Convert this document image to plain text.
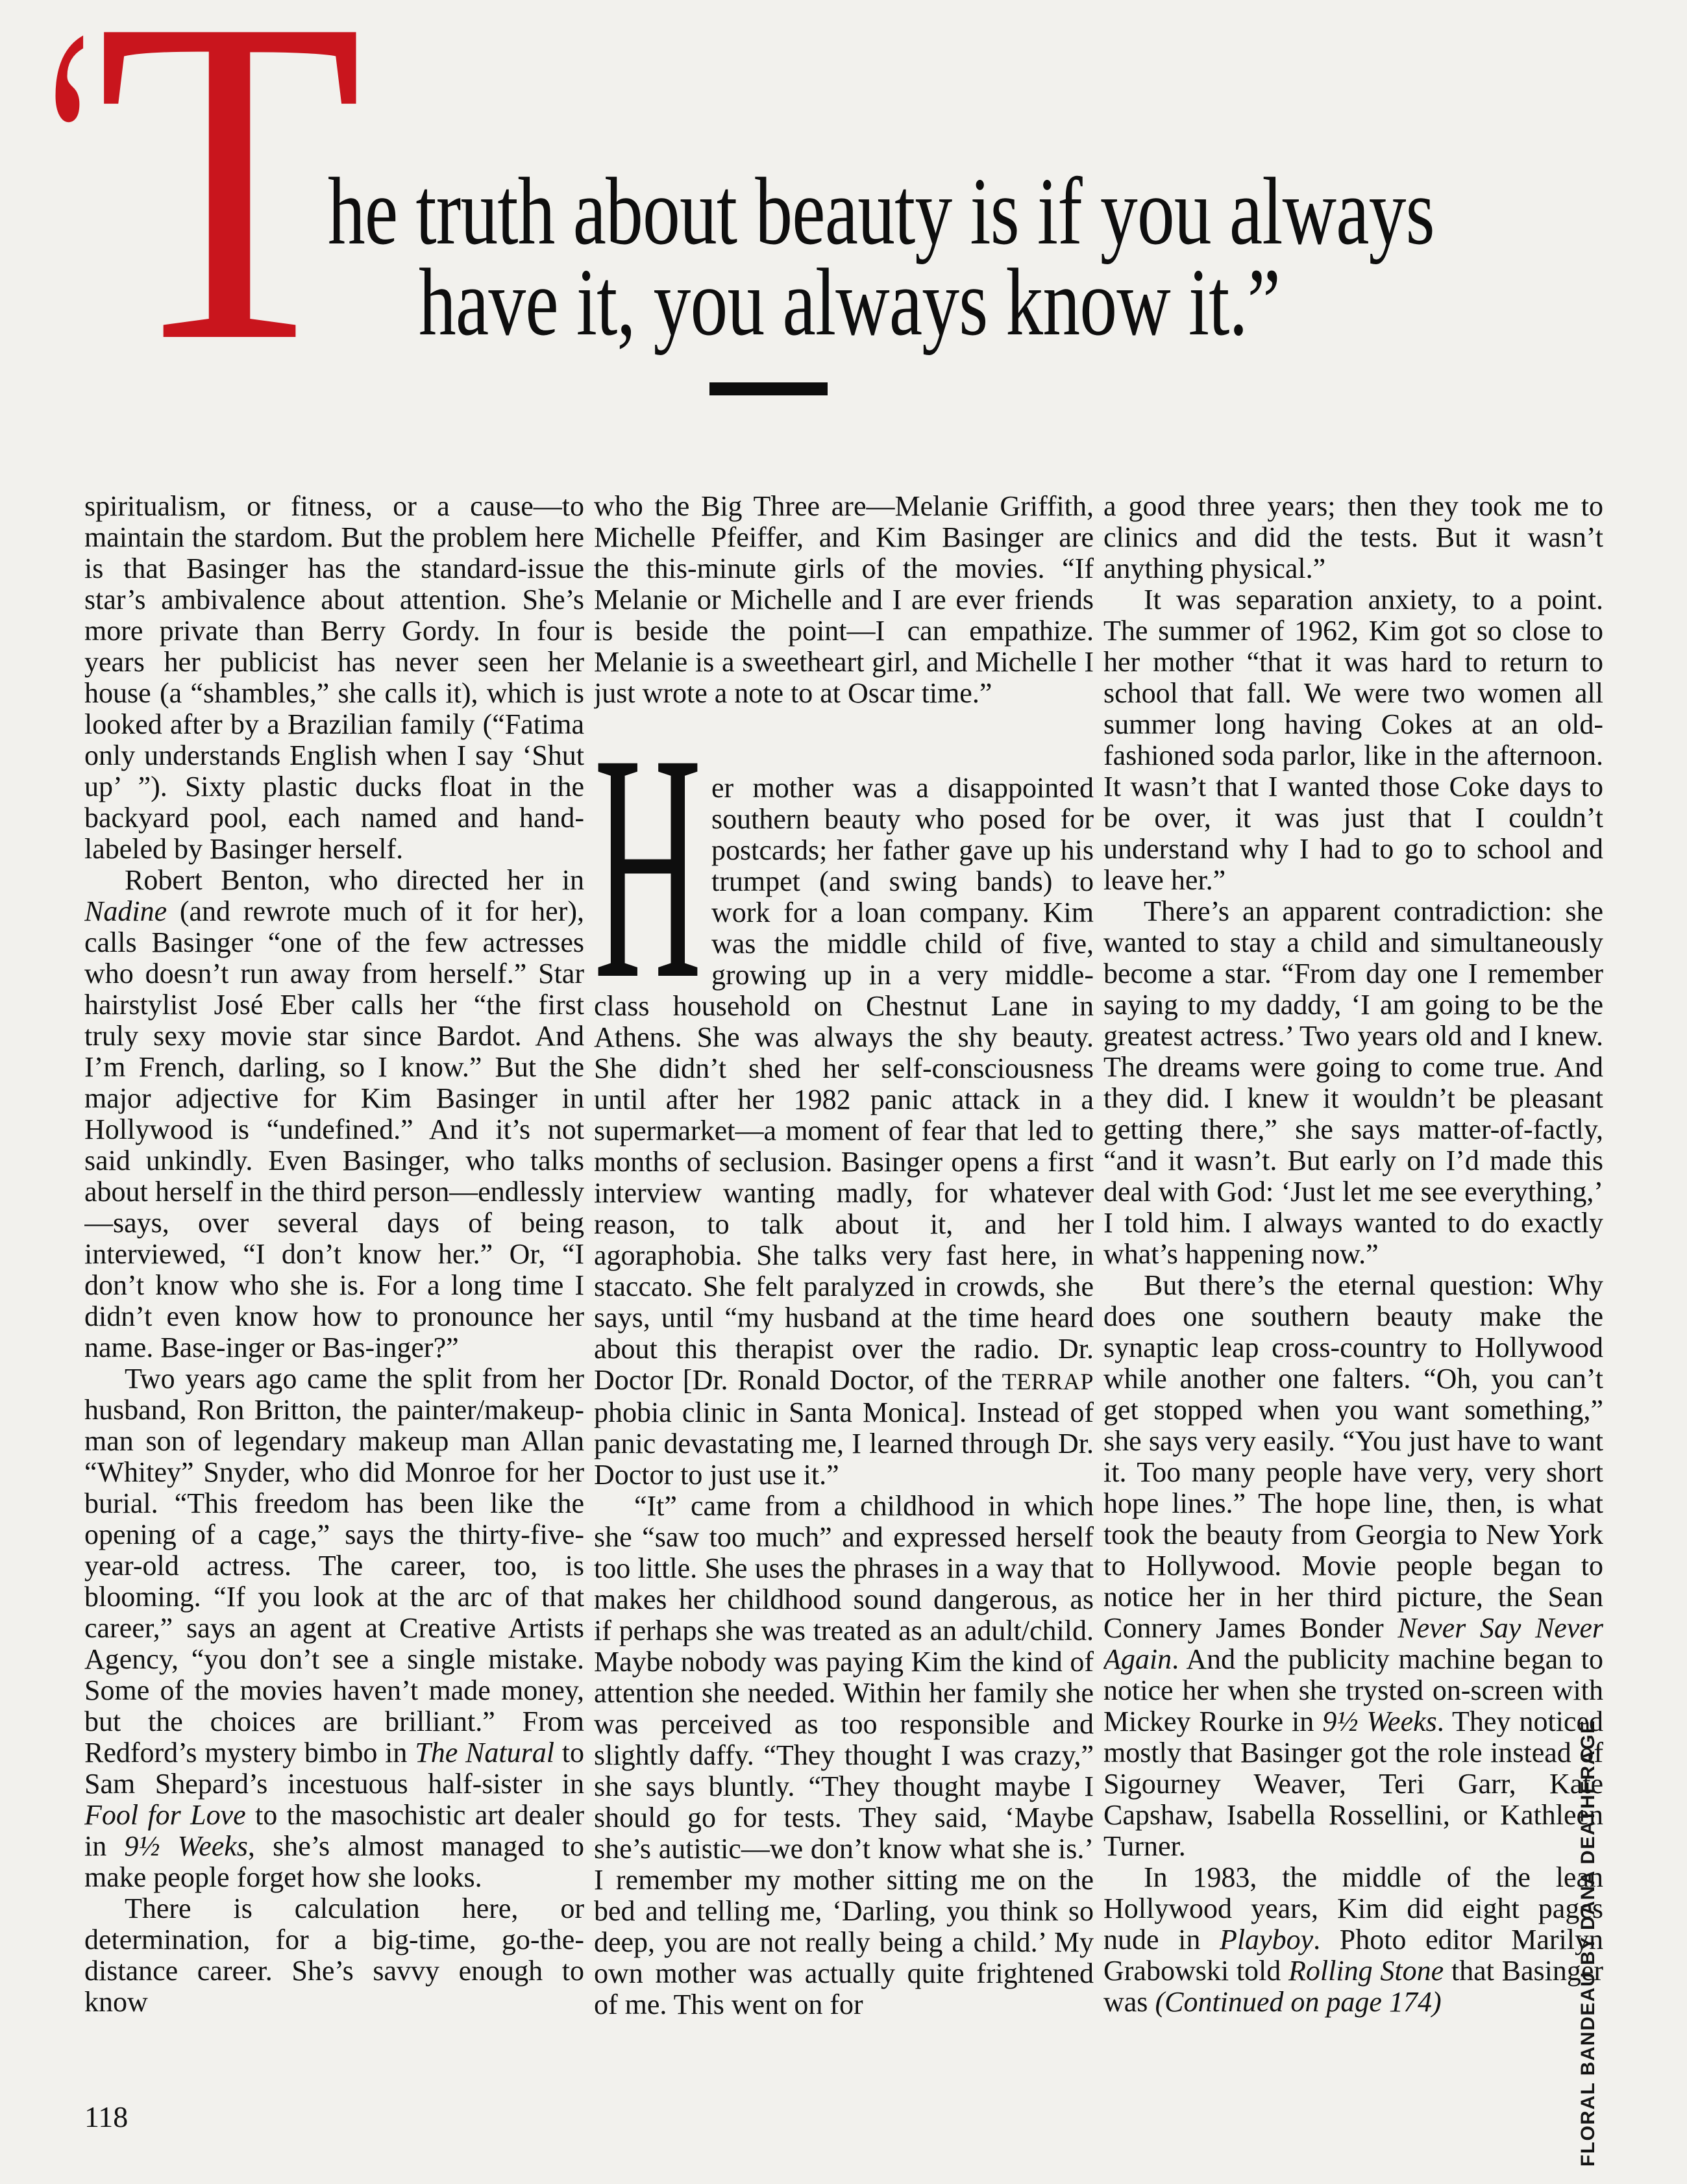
‘
T
he truth about beauty is if you always
have it, you always know it.”

spiritualism, or fitness, or a cause—to maintain the stardom. But the problem here is that Basinger has the standard-issue star’s ambivalence about attention. She’s more private than Berry Gordy. In four years her publicist has never seen her house (a “shambles,” she calls it), which is looked after by a Brazilian family (“Fatima only understands English when I say ‘Shut up’ ”). Sixty plastic ducks float in the backyard pool, each named and hand-labeled by Basinger herself.

Robert Benton, who directed her in Nadine (and rewrote much of it for her), calls Basinger “one of the few actresses who doesn’t run away from herself.” Star hairstylist José Eber calls her “the first truly sexy movie star since Bardot. And I’m French, darling, so I know.” But the major adjective for Kim Basinger in Hollywood is “undefined.” And it’s not said unkindly. Even Basinger, who talks about herself in the third person—endlessly—says, over several days of being interviewed, “I don’t know her.” Or, “I don’t know who she is. For a long time I didn’t even know how to pronounce her name. Base-inger or Bas-inger?”

Two years ago came the split from her husband, Ron Britton, the painter/makeup-man son of legendary makeup man Allan “Whitey” Snyder, who did Monroe for her burial. “This freedom has been like the opening of a cage,” says the thirty-five-year-old actress. The career, too, is blooming. “If you look at the arc of that career,” says an agent at Creative Artists Agency, “you don’t see a single mistake. Some of the movies haven’t made money, but the choices are brilliant.” From Redford’s mystery bimbo in The Natural to Sam Shepard’s incestuous half-sister in Fool for Love to the masochistic art dealer in 9½ Weeks, she’s almost managed to make people forget how she looks.

There is calculation here, or determination, for a big-time, go-the-distance career. She’s savvy enough to know

who the Big Three are—Melanie Griffith, Michelle Pfeiffer, and Kim Basinger are the this-minute girls of the movies. “If Melanie or Michelle and I are ever friends is beside the point—I can empathize. Melanie is a sweetheart girl, and Michelle I just wrote a note to at Oscar time.”

Her mother was a disappointed southern beauty who posed for postcards; her father gave up his trumpet (and swing bands) to work for a loan company. Kim was the middle child of five, growing up in a very middle-class household on Chestnut Lane in Athens. She was always the shy beauty. She didn’t shed her self-consciousness until after her 1982 panic attack in a supermarket—a moment of fear that led to months of seclusion. Basinger opens a first interview wanting madly, for whatever reason, to talk about it, and her agoraphobia. She talks very fast here, in staccato. She felt paralyzed in crowds, she says, until “my husband at the time heard about this therapist over the radio. Dr. Doctor [Dr. Ronald Doctor, of the TERRAP phobia clinic in Santa Monica]. Instead of panic devastating me, I learned through Dr. Doctor to just use it.”

“It” came from a childhood in which she “saw too much” and expressed herself too little. She uses the phrases in a way that makes her childhood sound dangerous, as if perhaps she was treated as an adult/child. Maybe nobody was paying Kim the kind of attention she needed. Within her family she was perceived as too responsible and slightly daffy. “They thought I was crazy,” she says bluntly. “They thought maybe I should go for tests. They said, ‘Maybe she’s autistic—we don’t know what she is.’ I remember my mother sitting me on the bed and telling me, ‘Darling, you think so deep, you are not really being a child.’ My own mother was actually quite frightened of me. This went on for

a good three years; then they took me to clinics and did the tests. But it wasn’t anything physical.”

It was separation anxiety, to a point. The summer of 1962, Kim got so close to her mother “that it was hard to return to school that fall. We were two women all summer long having Cokes at an old-fashioned soda parlor, like in the afternoon. It wasn’t that I wanted those Coke days to be over, it was just that I couldn’t understand why I had to go to school and leave her.”

There’s an apparent contradiction: she wanted to stay a child and simultaneously become a star. “From day one I remember saying to my daddy, ‘I am going to be the greatest actress.’ Two years old and I knew. The dreams were going to come true. And they did. I knew it wouldn’t be pleasant getting there,” she says matter-of-factly, “and it wasn’t. But early on I’d made this deal with God: ‘Just let me see everything,’ I told him. I always wanted to do exactly what’s happening now.”

But there’s the eternal question: Why does one southern beauty make the synaptic leap cross-country to Hollywood while another one falters. “Oh, you can’t get stopped when you want something,” she says very easily. “You just have to want it. Too many people have very, very short hope lines.” The hope line, then, is what took the beauty from Georgia to New York to Hollywood. Movie people began to notice her in her third picture, the Sean Connery James Bonder Never Say Never Again. And the publicity machine began to notice her when she trysted on-screen with Mickey Rourke in 9½ Weeks. They noticed mostly that Basinger got the role instead of Sigourney Weaver, Teri Garr, Kate Capshaw, Isabella Rossellini, or Kathleen Turner.

In 1983, the middle of the lean Hollywood years, Kim did eight pages nude in Playboy. Photo editor Marilyn Grabowski told Rolling Stone that Basinger was (Continued on page 174)

118	FLORAL BANDEAU BY DANA DEATHERAGE
